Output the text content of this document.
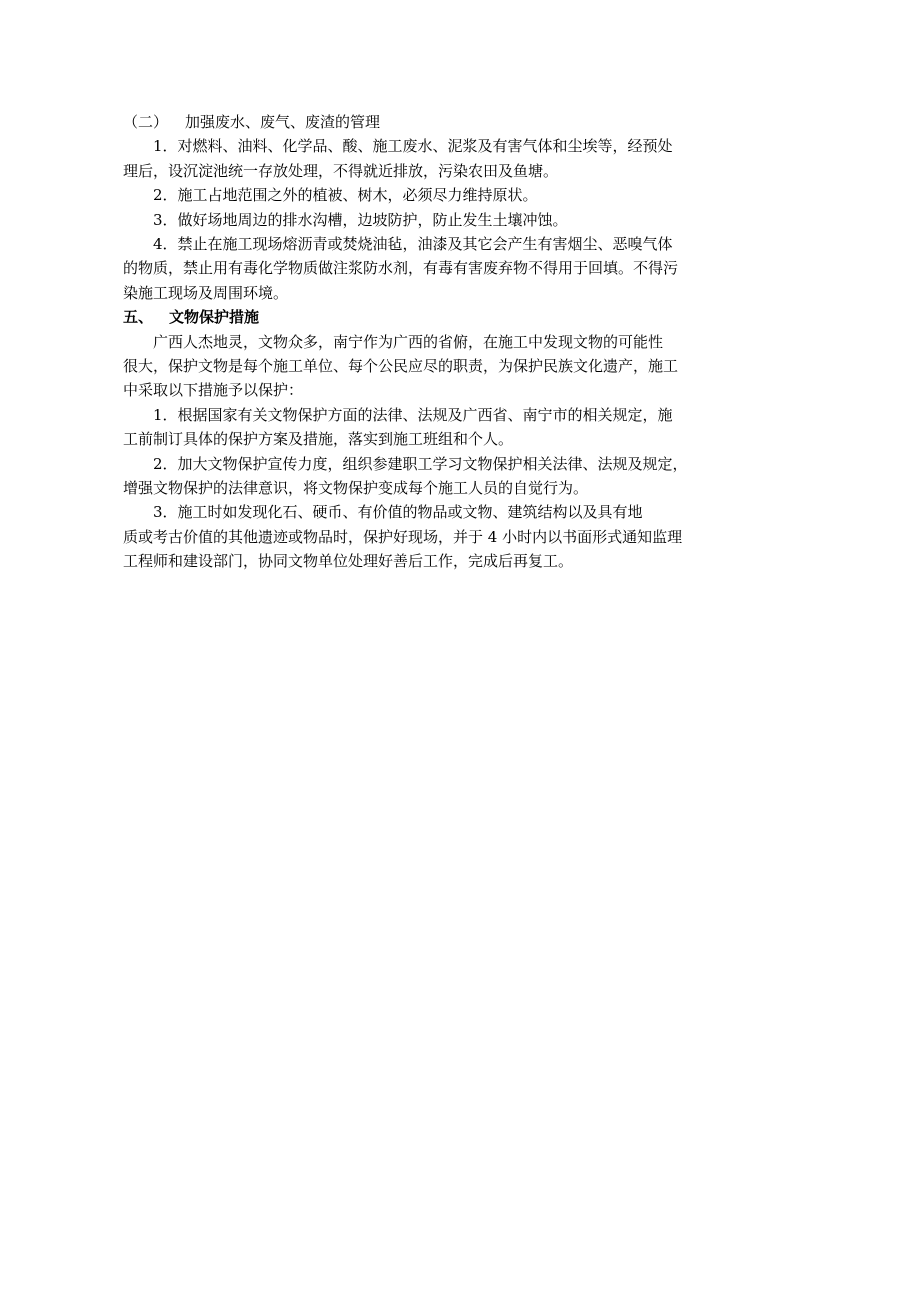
（二） 加强废水、废气、废渣的管理
1．对燃料、油料、化学品、酸、施工废水、泥浆及有害气体和尘埃等，经预处
理后，设沉淀池统一存放处理，不得就近排放，污染农田及鱼塘。
2．施工占地范围之外的植被、树木，必须尽力维持原状。
3．做好场地周边的排水沟槽，边坡防护，防止发生土壤冲蚀。
4．禁止在施工现场熔沥青或焚烧油毡，油漆及其它会产生有害烟尘、恶嗅气体
的物质，禁止用有毒化学物质做注浆防水剂，有毒有害废弃物不得用于回填。不得污
染施工现场及周围环境。
五、 文物保护措施
广西人杰地灵，文物众多，南宁作为广西的省俯，在施工中发现文物的可能性
很大，保护文物是每个施工单位、每个公民应尽的职责，为保护民族文化遗产，施工
中采取以下措施予以保护：
1．根据国家有关文物保护方面的法律、法规及广西省、南宁市的相关规定，施
工前制订具体的保护方案及措施，落实到施工班组和个人。
2．加大文物保护宣传力度，组织参建职工学习文物保护相关法律、法规及规定，
增强文物保护的法律意识，将文物保护变成每个施工人员的自觉行为。
3．施工时如发现化石、硬币、有价值的物品或文物、建筑结构以及具有地
质或考古价值的其他遗迹或物品时，保护好现场，并于 4 小时内以书面形式通知监理
工程师和建设部门，协同文物单位处理好善后工作，完成后再复工。
